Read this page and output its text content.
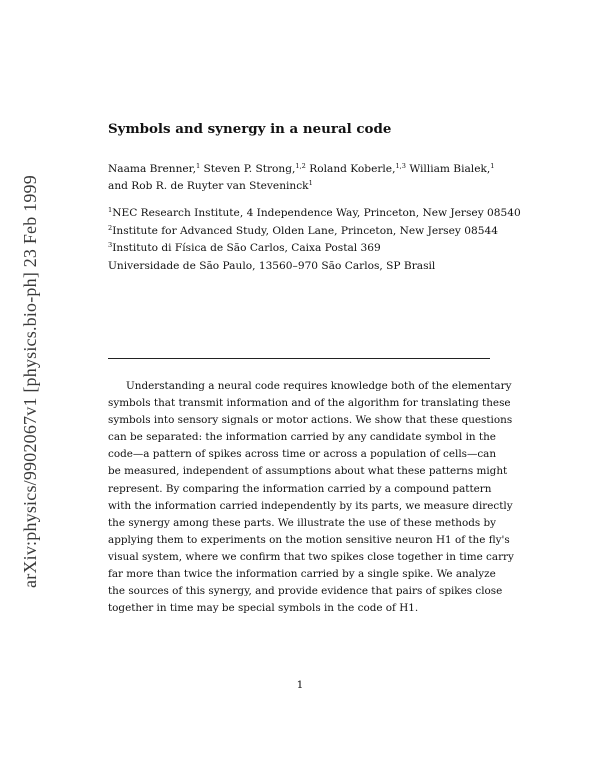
arXiv:physics/9902067v1 [physics.bio-ph] 23 Feb 1999
Symbols and synergy in a neural code
Naama Brenner,$^1$ Steven P. Strong,$^{1,2}$ Roland Koberle,$^{1,3}$ William Bialek,$^1$
and Rob R. de Ruyter van Steveninck$^1$
$^1$NEC Research Institute, 4 Independence Way, Princeton, New Jersey 08540
$^2$Institute for Advanced Study, Olden Lane, Princeton, New Jersey 08544
$^3$Instituto di Física de São Carlos, Caixa Postal 369
Universidade de São Paulo, 13560–970 São Carlos, SP Brasil
Understanding a neural code requires knowledge both of the elementary
symbols that transmit information and of the algorithm for translating these
symbols into sensory signals or motor actions. We show that these questions
can be separated: the information carried by any candidate symbol in the
code—a pattern of spikes across time or across a population of cells—can
be measured, independent of assumptions about what these patterns might
represent. By comparing the information carried by a compound pattern
with the information carried independently by its parts, we measure directly
the synergy among these parts. We illustrate the use of these methods by
applying them to experiments on the motion sensitive neuron H1 of the fly's
visual system, where we confirm that two spikes close together in time carry
far more than twice the information carried by a single spike. We analyze
the sources of this synergy, and provide evidence that pairs of spikes close
together in time may be special symbols in the code of H1.
1
